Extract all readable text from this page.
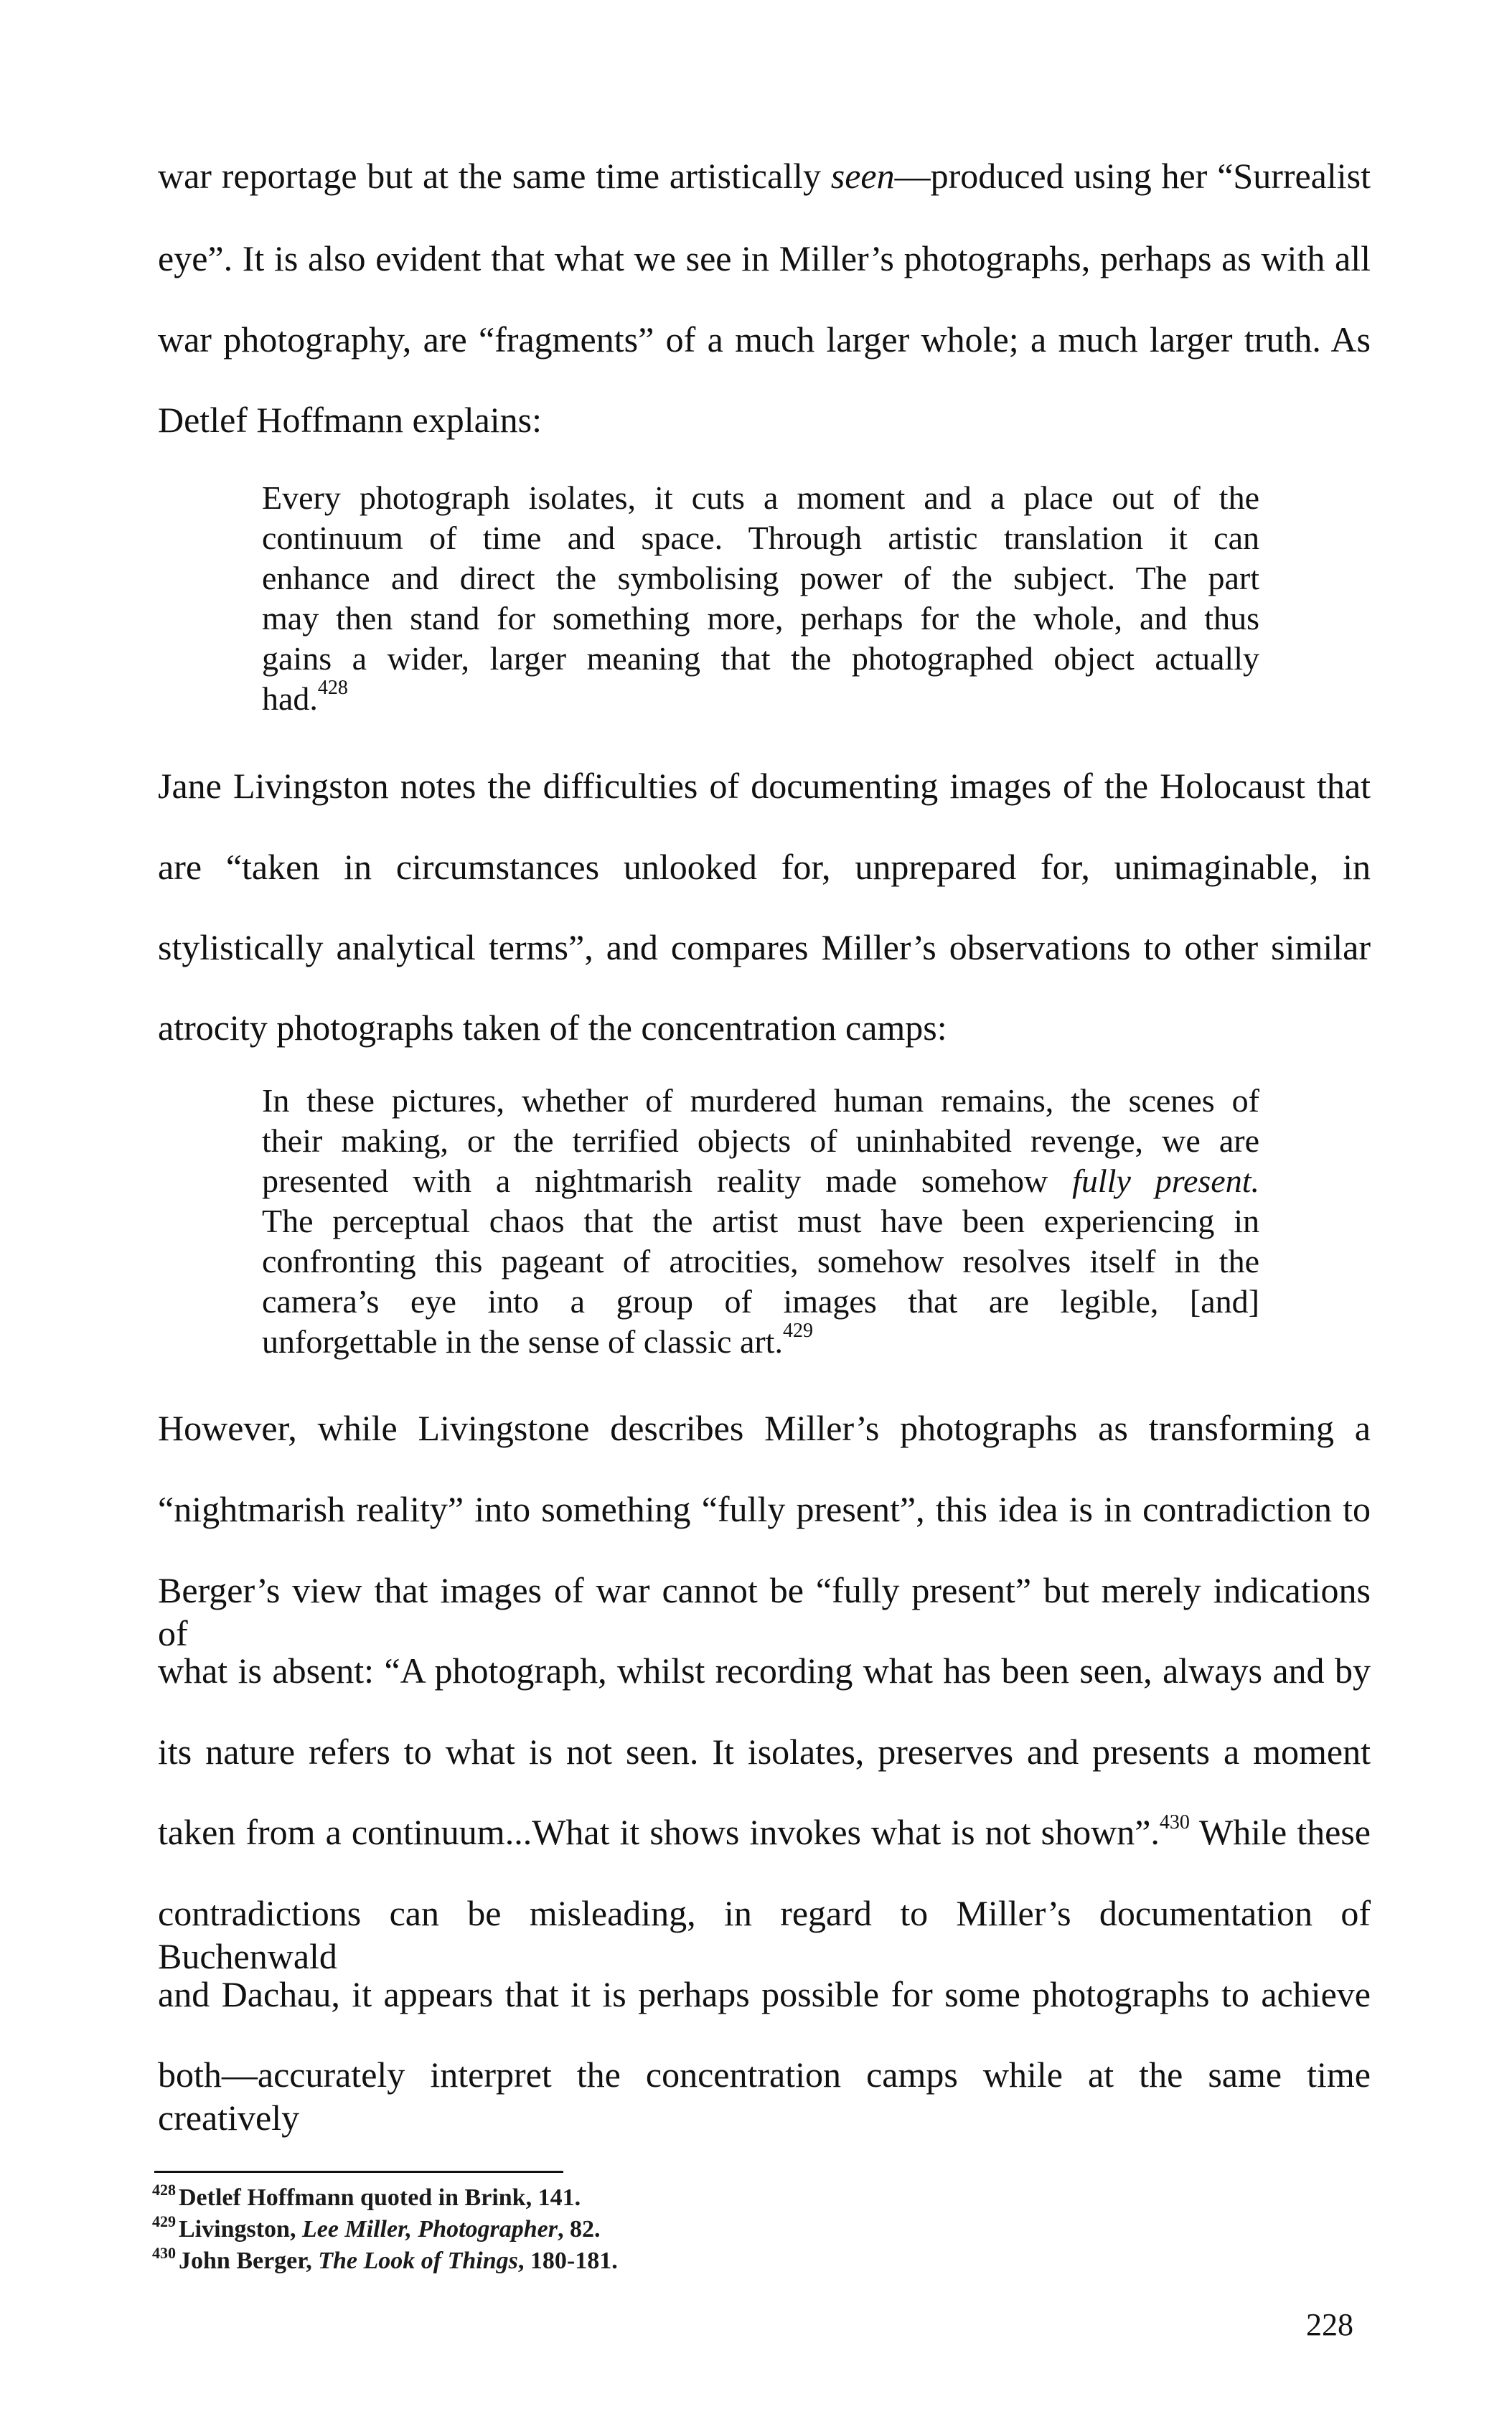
war reportage but at the same time artistically seen—produced using her “Surrealist
eye”. It is also evident that what we see in Miller’s photographs, perhaps as with all
war photography, are “fragments” of a much larger whole; a much larger truth. As
Detlef Hoffmann explains:
Every photograph isolates, it cuts a moment and a place out of the
continuum of time and space. Through artistic translation it can
enhance and direct the symbolising power of the subject. The part
may then stand for something more, perhaps for the whole, and thus
gains a wider, larger meaning that the photographed object actually
had.$^{428}$
Jane Livingston notes the difficulties of documenting images of the Holocaust that
are “taken in circumstances unlooked for, unprepared for, unimaginable, in
stylistically analytical terms”, and compares Miller’s observations to other similar
atrocity photographs taken of the concentration camps:
In these pictures, whether of murdered human remains, the scenes of
their making, or the terrified objects of uninhabited revenge, we are
presented with a nightmarish reality made somehow fully present.
The perceptual chaos that the artist must have been experiencing in
confronting this pageant of atrocities, somehow resolves itself in the
camera’s eye into a group of images that are legible, [and]
unforgettable in the sense of classic art.$^{429}$
However, while Livingstone describes Miller’s photographs as transforming a
“nightmarish reality” into something “fully present”, this idea is in contradiction to
Berger’s view that images of war cannot be “fully present” but merely indications of
what is absent: “A photograph, whilst recording what has been seen, always and by
its nature refers to what is not seen. It isolates, preserves and presents a moment
taken from a continuum...What it shows invokes what is not shown”.$^{430}$ While these
contradictions can be misleading, in regard to Miller’s documentation of Buchenwald
and Dachau, it appears that it is perhaps possible for some photographs to achieve
both—accurately interpret the concentration camps while at the same time creatively
$^{428}$ Detlef Hoffmann quoted in Brink, 141.
$^{429}$ Livingston, Lee Miller, Photographer, 82.
$^{430}$ John Berger, The Look of Things, 180-181.
228
